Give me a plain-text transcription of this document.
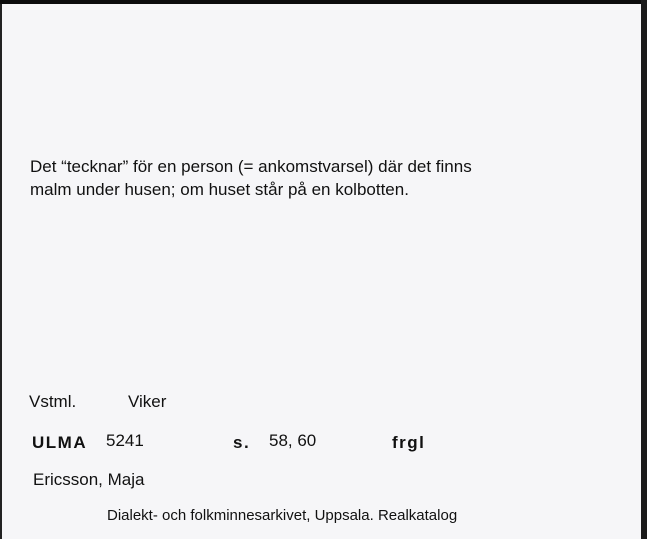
Det “tecknar” för en person (= ankomstvarsel) där det finns
malm under husen; om huset står på en kolbotten.
Vstml.	Viker
ULMA 5241	s. 58, 60	frgl
Ericsson, Maja
Dialekt- och folkminnesarkivet, Uppsala. Realkatalog
